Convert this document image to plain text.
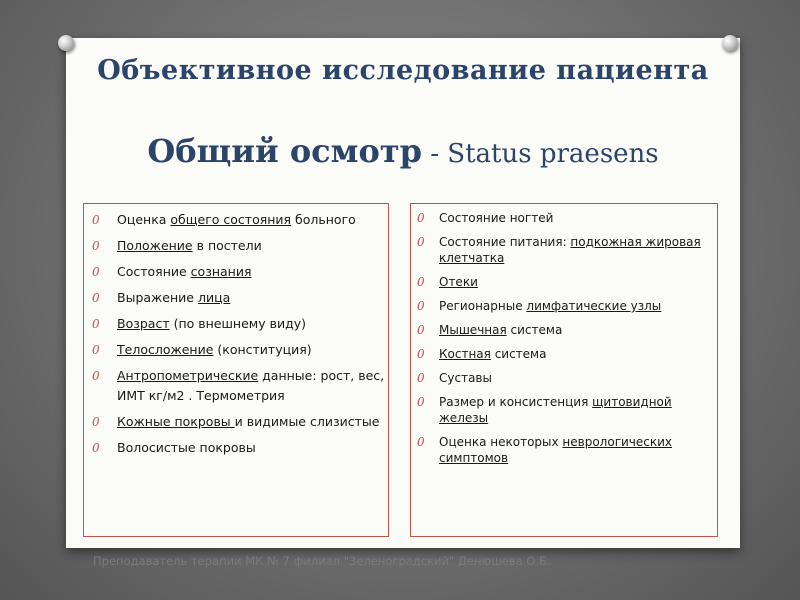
Объективное исследование пациента
Общий осмотр - Status praesens
0 Оценка общего состояния больного
0 Положение в постели
0 Состояние сознания
0 Выражение лица
0 Возраст (по внешнему виду)
0 Телосложение (конституция)
0 Антропометрические данные: рост, вес, ИМТ кг/м2 . Термометрия
0 Кожные покровы и видимые слизистые
0 Волосистые покровы
0 Состояние ногтей
0 Состояние питания: подкожная жировая клетчатка
0 Отеки
0 Регионарные лимфатические узлы
0 Мышечная система
0 Костная система
0 Суставы
0 Размер и консистенция щитовидной железы
0 Оценка некоторых неврологических симптомов
Преподаватель терапии МК № 7 филиал "Зеленоградский" Денюшева О.Б.
